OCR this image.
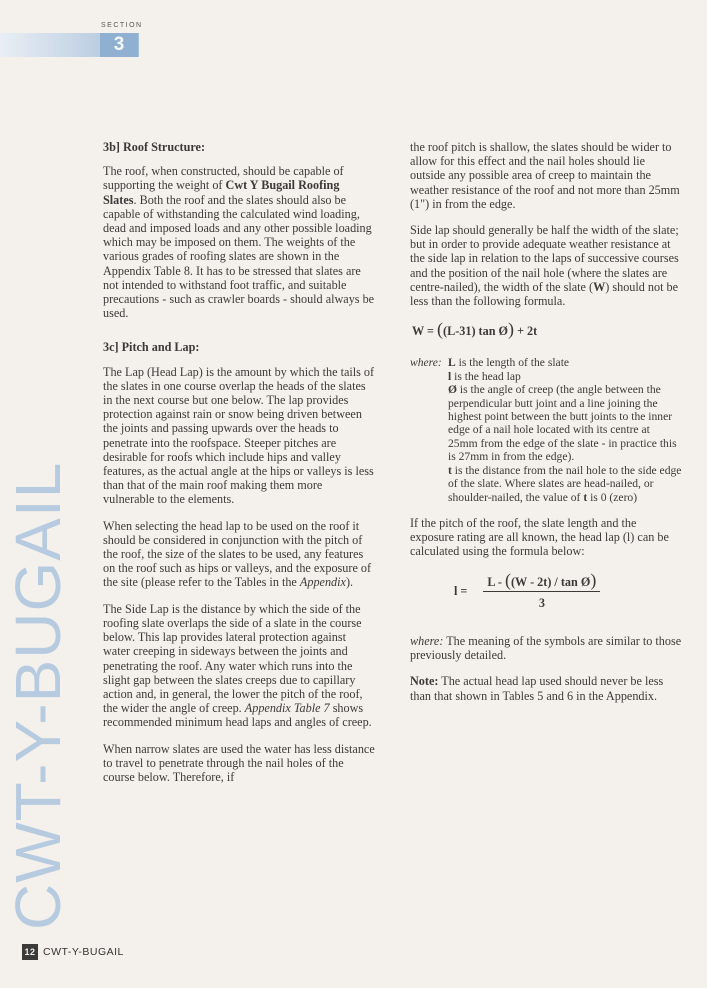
SECTION
3
CWT-Y-BUGAIL
3b] Roof Structure:

The roof, when constructed, should be capable of supporting the weight of Cwt Y Bugail Roofing Slates. Both the roof and the slates should also be capable of withstanding the calculated wind loading, dead and imposed loads and any other possible loading which may be imposed on them. The weights of the various grades of roofing slates are shown in the Appendix Table 8. It has to be stressed that slates are not intended to withstand foot traffic, and suitable precautions - such as crawler boards - should always be used.

3c] Pitch and Lap:

The Lap (Head Lap) is the amount by which the tails of the slates in one course overlap the heads of the slates in the next course but one below. The lap provides protection against rain or snow being driven between the joints and passing upwards over the heads to penetrate into the roofspace. Steeper pitches are desirable for roofs which include hips and valley features, as the actual angle at the hips or valleys is less than that of the main roof making them more vulnerable to the elements.

When selecting the head lap to be used on the roof it should be considered in conjunction with the pitch of the roof, the size of the slates to be used, any features on the roof such as hips or valleys, and the exposure of the site (please refer to the Tables in the Appendix).

The Side Lap is the distance by which the side of the roofing slate overlaps the side of a slate in the course below. This lap provides lateral protection against water creeping in sideways between the joints and penetrating the roof. Any water which runs into the slight gap between the slates creeps due to capillary action and, in general, the lower the pitch of the roof, the wider the angle of creep. Appendix Table 7 shows recommended minimum head laps and angles of creep.

When narrow slates are used the water has less distance to travel to penetrate through the nail holes of the course below. Therefore, if

the roof pitch is shallow, the slates should be wider to allow for this effect and the nail holes should lie outside any possible area of creep to maintain the weather resistance of the roof and not more than 25mm (1") in from the edge.

Side lap should generally be half the width of the slate; but in order to provide adequate weather resistance at the side lap in relation to the laps of successive courses and the position of the nail hole (where the slates are centre-nailed), the width of the slate (W) should not be less than the following formula.

W = ((L-31) tan Ø) + 2t
where: L is the length of the slate
l is the head lap
Ø is the angle of creep (the angle between the perpendicular butt joint and a line joining the highest point between the butt joints to the inner edge of a nail hole located with its centre at 25mm from the edge of the slate - in practice this is 27mm in from the edge).
t is the distance from the nail hole to the side edge of the slate. Where slates are head-nailed, or shoulder-nailed, the value of t is 0 (zero)

If the pitch of the roof, the slate length and the exposure rating are all known, the head lap (l) can be calculated using the formula below:

$l = \frac{\text{L - ((W - 2t) / tan Ø)}}{3}$

where: The meaning of the symbols are similar to those previously detailed.

Note: The actual head lap used should never be less than that shown in Tables 5 and 6 in the Appendix.

12 CWT-Y-BUGAIL
